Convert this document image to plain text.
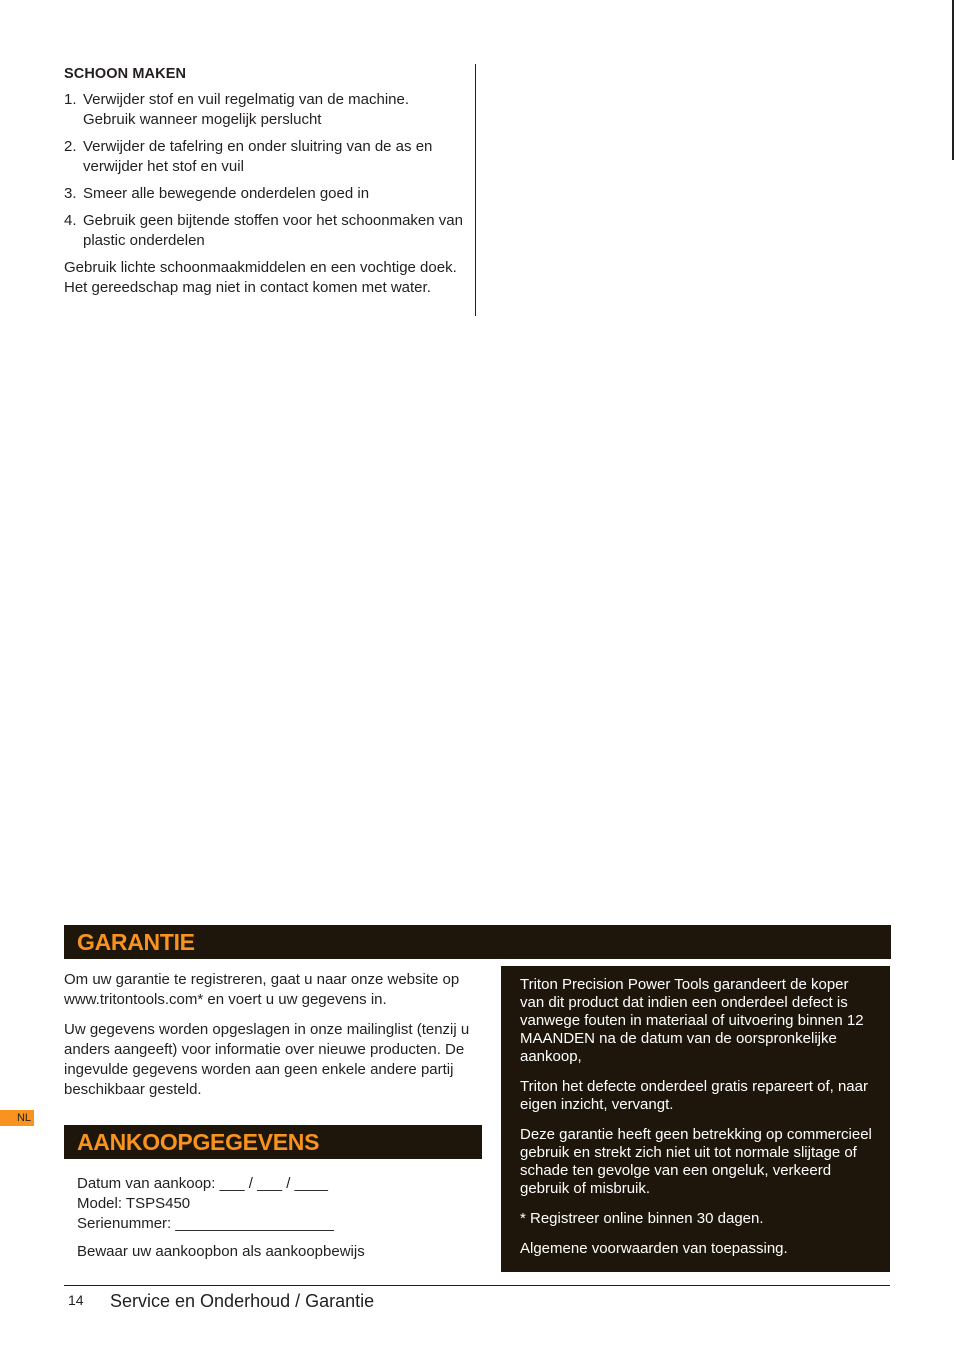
SCHOON MAKEN
1. Verwijder stof en vuil regelmatig van de machine. Gebruik wanneer mogelijk perslucht
2. Verwijder de tafelring en onder sluitring van de as en verwijder het stof en vuil
3. Smeer alle bewegende onderdelen goed in
4. Gebruik geen bijtende stoffen voor het schoonmaken van plastic onderdelen

Gebruik lichte schoonmaakmiddelen en een vochtige doek. Het gereedschap mag niet in contact komen met water.

GARANTIE

Om uw garantie te registreren, gaat u naar onze website op www.tritontools.com* en voert u uw gegevens in.

Uw gegevens worden opgeslagen in onze mailinglist (tenzij u anders aangeeft) voor informatie over nieuwe producten. De ingevulde gegevens worden aan geen enkele andere partij beschikbaar gesteld.

AANKOOPGEGEVENS

Datum van aankoop: ___ / ___ / ____

Model: TSPS450

Serienummer: ___________________

Bewaar uw aankoopbon als aankoopbewijs

Triton Precision Power Tools garandeert de koper van dit product dat indien een onderdeel defect is vanwege fouten in materiaal of uitvoering binnen 12 MAANDEN na de datum van de oorspronkelijke aankoop,

Triton het defecte onderdeel gratis repareert of, naar eigen inzicht, vervangt.

Deze garantie heeft geen betrekking op commercieel gebruik en strekt zich niet uit tot normale slijtage of schade ten gevolge van een ongeluk, verkeerd gebruik of misbruik.

* Registreer online binnen 30 dagen.

Algemene voorwaarden van toepassing.

NL
14 Service en Onderhoud / Garantie
